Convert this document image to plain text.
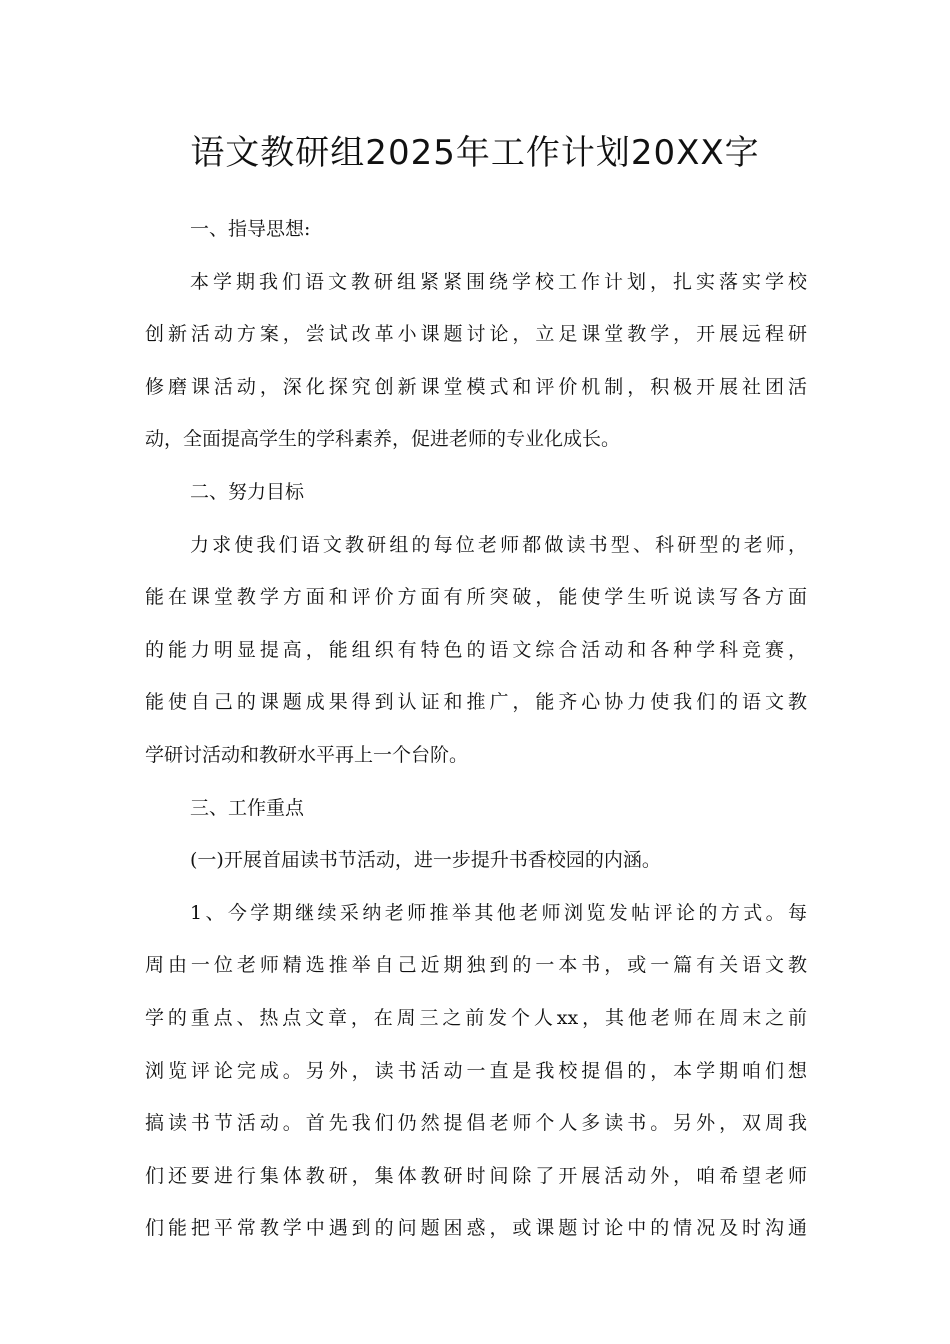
语文教研组2025年工作计划20XX字
一、指导思想:
本学期我们语文教研组紧紧围绕学校工作计划，扎实落实学校
创新活动方案，尝试改革小课题讨论，立足课堂教学，开展远程研
修磨课活动，深化探究创新课堂模式和评价机制，积极开展社团活
动，全面提高学生的学科素养，促进老师的专业化成长。
二、努力目标
力求使我们语文教研组的每位老师都做读书型、科研型的老师，
能在课堂教学方面和评价方面有所突破，能使学生听说读写各方面
的能力明显提高，能组织有特色的语文综合活动和各种学科竞赛，
能使自己的课题成果得到认证和推广，能齐心协力使我们的语文教
学研讨活动和教研水平再上一个台阶。
三、工作重点
(一)开展首届读书节活动，进一步提升书香校园的内涵。
1、今学期继续采纳老师推举其他老师浏览发帖评论的方式。每
周由一位老师精选推举自己近期独到的一本书，或一篇有关语文教
学的重点、热点文章，在周三之前发个人xx，其他老师在周末之前
浏览评论完成。另外，读书活动一直是我校提倡的，本学期咱们想
搞读书节活动。首先我们仍然提倡老师个人多读书。另外，双周我
们还要进行集体教研，集体教研时间除了开展活动外，咱希望老师
们能把平常教学中遇到的问题困惑，或课题讨论中的情况及时沟通
